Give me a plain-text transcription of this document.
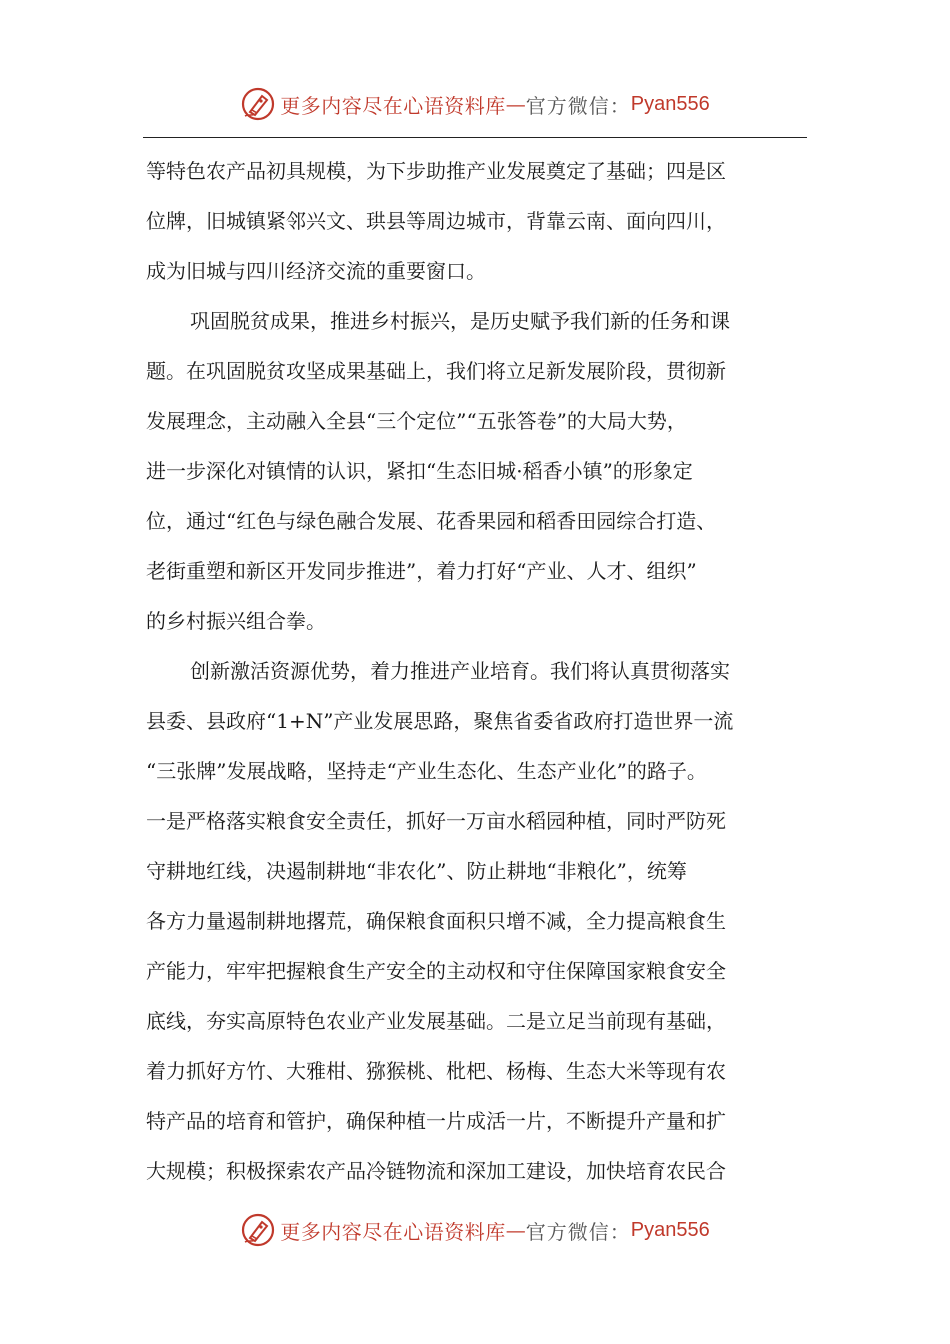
更多内容尽在心语资料库 — 官方微信： Pyan556
等特色农产品初具规模，为下步助推产业发展奠定了基础；四是区
位牌，旧城镇紧邻兴文、珙县等周边城市，背靠云南、面向四川，
成为旧城与四川经济交流的重要窗口。
巩固脱贫成果，推进乡村振兴，是历史赋予我们新的任务和课
题。在巩固脱贫攻坚成果基础上，我们将立足新发展阶段，贯彻新
发展理念，主动融入全县“三个定位”“五张答卷”的大局大势，
进一步深化对镇情的认识，紧扣“生态旧城·稻香小镇”的形象定
位，通过“红色与绿色融合发展、花香果园和稻香田园综合打造、
老街重塑和新区开发同步推进”，着力打好“产业、人才、组织”
的乡村振兴组合拳。
创新激活资源优势，着力推进产业培育。我们将认真贯彻落实
县委、县政府“1+N”产业发展思路，聚焦省委省政府打造世界一流
“三张牌”发展战略，坚持走“产业生态化、生态产业化”的路子。
一是严格落实粮食安全责任，抓好一万亩水稻园种植，同时严防死
守耕地红线，决遏制耕地“非农化”、防止耕地“非粮化”，统筹
各方力量遏制耕地撂荒，确保粮食面积只增不减，全力提高粮食生
产能力，牢牢把握粮食生产安全的主动权和守住保障国家粮食安全
底线，夯实高原特色农业产业发展基础。二是立足当前现有基础，
着力抓好方竹、大雅柑、猕猴桃、枇杷、杨梅、生态大米等现有农
特产品的培育和管护，确保种植一片成活一片，不断提升产量和扩
大规模；积极探索农产品冷链物流和深加工建设，加快培育农民合
更多内容尽在心语资料库 — 官方微信： Pyan556
